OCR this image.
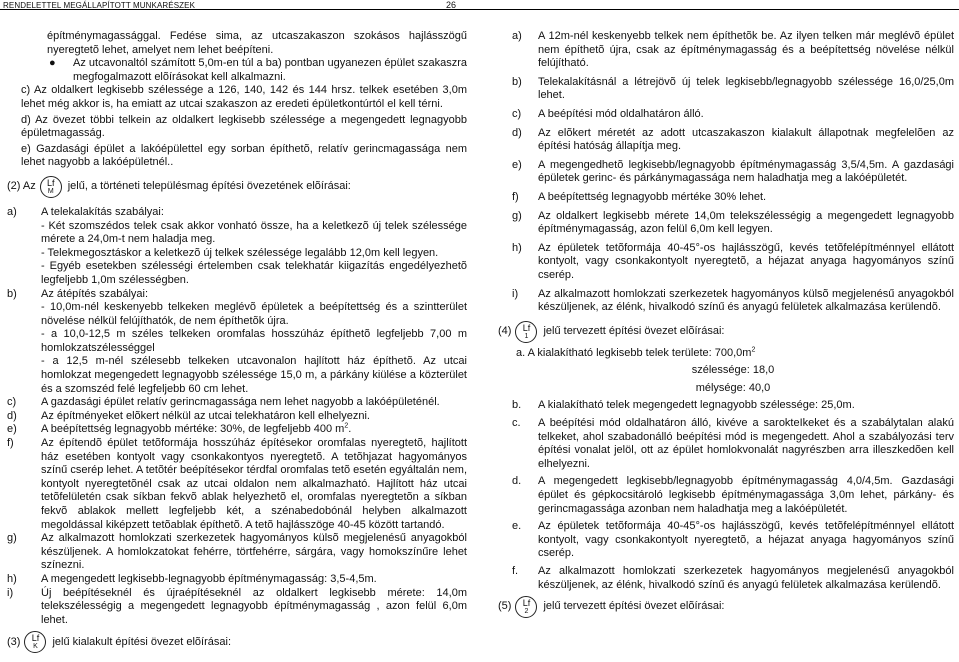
RENDELETTEL MEGÁLLAPÍTOTT MUNKARÉSZEK	26

építménymagassággal. Fedése sima, az utcaszakaszon szokásos hajlásszögű nyeregtetõ lehet, amelyet nem lehet beépíteni.

●	Az utcavonaltól számított 5,0m-en túl a ba) pontban ugyanezen épület szakaszra megfogalmazott elõírásokat kell alkalmazni.

c) Az oldalkert legkisebb szélessége a 126, 140, 142 és 144 hrsz. telkek esetében 3,0m lehet még akkor is, ha emiatt az utcai szakaszon az eredeti épületkontúrtól el kell térni.

d) Az övezet többi telkein az oldalkert legkisebb szélessége a megengedett legnagyobb épületmagasság.

e) Gazdasági épület a lakóépülettel egy sorban építhetõ, relatív gerincmagassága nem lehet nagyobb a lakóépületnél..

(2) Az Lf
M jelű, a történeti településmag építési övezetének elõírásai:
a)	A telekalakítás szabályai:

- Két szomszédos telek csak akkor vonható össze, ha a keletkezõ új telek szélessége mérete a 24,0m-t nem haladja meg.

- Telekmegosztáskor a keletkezõ új telkek szélessége legalább 12,0m kell legyen.

- Egyéb esetekben szélességi értelemben csak telekhatár kiigazítás engedélyezhetõ legfeljebb 1,0m szélességben.

b)	Az átépítés szabályai:

- 10,0m-nél keskenyebb telkeken meglévõ épületek a beépítettség és a szintterület növelése nélkül felújíthatók, de nem építhetõk újra.

- a 10,0-12,5 m széles telkeken oromfalas hosszúház építhetõ legfeljebb 7,00 m homlokzatszélességgel

- a 12,5 m-nél szélesebb telkeken utcavonalon hajlított ház építhetõ. Az utcai homlokzat megengedett legnagyobb szélessége 15,0 m, a párkány kiülése a közterület és a szomszéd felé legfeljebb 60 cm lehet.

c)	A gazdasági épület relatív gerincmagassága nem lehet nagyobb a lakóépületénél.
d)	Az építményeket elõkert nélkül az utcai telekhatáron kell elhelyezni.
e)	A beépítettség legnagyobb mértéke: 30%, de legfeljebb 400 $m^2$.
f)	Az építendõ épület tetõformája hosszúház építésekor oromfalas nyeregtetõ, hajlított ház esetében kontyolt vagy csonkakontyos nyeregtetõ. A tetõhjazat hagyományos színű cserép lehet. A tetõtér beépítésekor térdfal oromfalas tetõ esetén egyáltalán nem, kontyolt nyeregtetõnél csak az utcai oldalon nem alkalmazható. Hajlított ház utcai tetõfelületén csak síkban fekvõ ablak helyezhetõ el, oromfalas nyeregtetõn a síkban fekvõ ablakok mellett legfeljebb két, a szénabedobónál helyben alkalmazott megoldással kiképzett tetõablak építhetõ. A tetõ hajlásszöge 40-45 között tartandó.
g)	Az alkalmazott homlokzati szerkezetek hagyományos külsõ megjelenésű anyagokból készüljenek. A homlokzatokat fehérre, törtfehérre, sárgára, vagy homokszínűre lehet színezni.
h)	A megengedett legkisebb-legnagyobb építménymagasság: 3,5-4,5m.
i)	Új beépítéseknél és újraépítéseknél az oldalkert legkisebb mérete: 14,0m telekszélességig a megengedett legnagyobb építménymagasság , azon felül 6,0m lehet.
(3) Lf
K jelű kialakult építési övezet elõírásai:
a)	A 12m-nél keskenyebb telkek nem építhetõk be. Az ilyen telken már meglévõ épület nem építhetõ újra, csak az építménymagasság és a beépítettség növelése nélkül felújítható.
b)	Telekalakításnál a létrejövõ új telek legkisebb/legnagyobb szélessége 16,0/25,0m lehet.
c)	A beépítési mód oldalhatáron álló.
d)	Az elõkert méretét az adott utcaszakaszon kialakult állapotnak megfelelõen az építési hatóság állapítja meg.
e)	A megengedhetõ legkisebb/legnagyobb építménymagasság 3,5/4,5m. A gazdasági épületek gerinc- és párkánymagassága nem haladhatja meg a lakóépületét.
f)	A beépítettség legnagyobb mértéke 30% lehet.
g)	Az oldalkert legkisebb mérete 14,0m telekszélességig a megengedett legnagyobb építménymagasság, azon felül 6,0m kell legyen.
h)	Az épületek tetõformája 40-45°-os hajlásszögű, kevés tetõfelépítménnyel ellátott kontyolt, vagy csonkakontyolt nyeregtetõ, a héjazat anyaga hagyományos színű cserép.
i)	Az alkalmazott homlokzati szerkezetek hagyományos külsõ megjelenésű anyagokból készüljenek, az élénk, hivalkodó színű és anyagú felületek alkalmazása kerülendõ.
(4) Lf
1 jelű tervezett építési övezet elõírásai:

a. A kialakítható legkisebb telek területe: $700,0m^2$

szélessége: 18,0

mélysége: 40,0

b.	A kialakítható telek megengedett legnagyobb szélessége: 25,0m.
c.	A beépítési mód oldalhatáron álló, kivéve a sarokteIkeket és a szabálytalan alakú telkeket, ahol szabadonálló beépítési mód is megengedett. Ahol a szabályozási terv építési vonalat jelöl, ott az épület homlokvonalát nagyrészben arra illeszkedõen kell elhelyezni.
d.	A megengedett legkisebb/legnagyobb építménymagasság 4,0/4,5m. Gazdasági épület és gépkocsitároló legkisebb építménymagassága 3,0m lehet, párkány- és gerincmagassága azonban nem haladhatja meg a lakóépületét.
e.	Az épületek tetõformája 40-45°-os hajlásszögű, kevés tetõfelépítménnyel ellátott kontyolt, vagy csonkakontyolt nyeregtetõ, a héjazat anyaga hagyományos színű cserép.
f.	Az alkalmazott homlokzati szerkezetek hagyományos megjelenésű anyagokból készüljenek, az élénk, hivalkodó színű és anyagú felületek alkalmazása kerülendõ.
(5) Lf
2 jelű tervezett építési övezet elõírásai:
